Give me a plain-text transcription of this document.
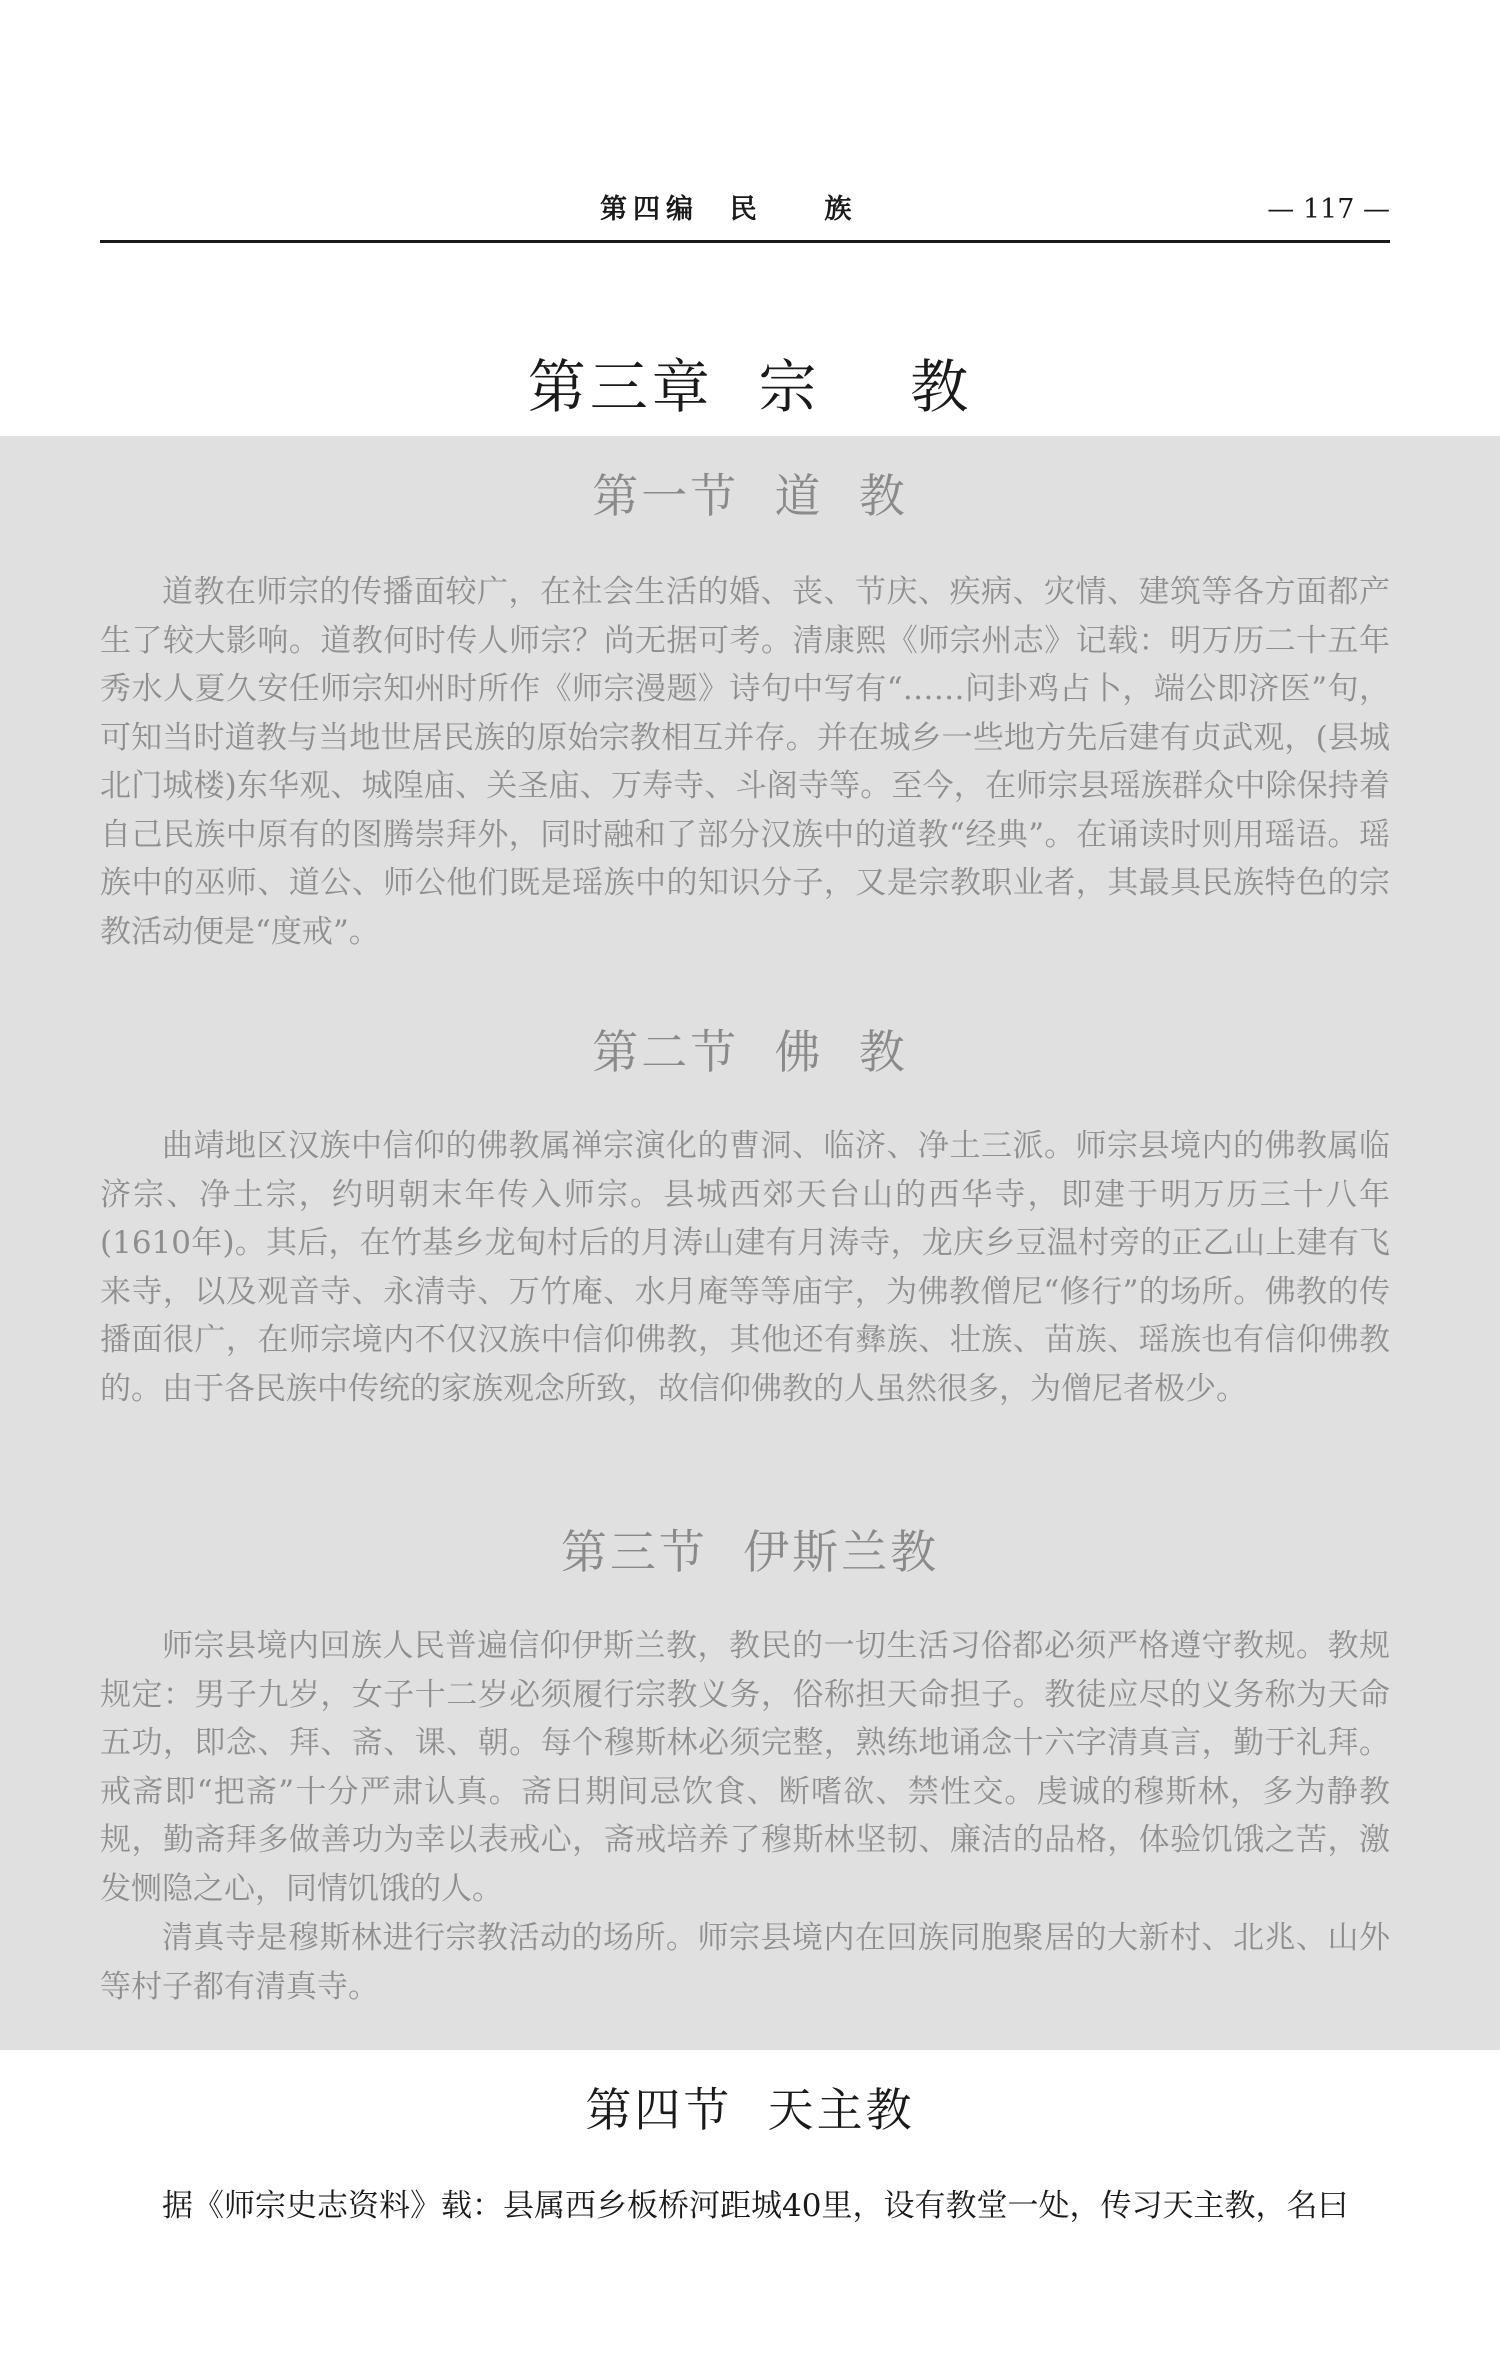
第四编  民    族	— 117 —
第三章  宗    教
第一节  道  教

道教在师宗的传播面较广，在社会生活的婚、丧、节庆、疾病、灾情、建筑等各方面都产生了较大影响。道教何时传人师宗？尚无据可考。清康熙《师宗州志》记载：明万历二十五年秀水人夏久安任师宗知州时所作《师宗漫题》诗句中写有“……问卦鸡占卜，端公即济医”句，可知当时道教与当地世居民族的原始宗教相互并存。并在城乡一些地方先后建有贞武观，(县城北门城楼)东华观、城隍庙、关圣庙、万寿寺、斗阁寺等。至今，在师宗县瑶族群众中除保持着自己民族中原有的图腾崇拜外，同时融和了部分汉族中的道教“经典”。在诵读时则用瑶语。瑶族中的巫师、道公、师公他们既是瑶族中的知识分子，又是宗教职业者，其最具民族特色的宗教活动便是“度戒”。

第二节  佛  教

曲靖地区汉族中信仰的佛教属禅宗演化的曹洞、临济、净土三派。师宗县境内的佛教属临济宗、净土宗，约明朝末年传入师宗。县城西郊天台山的西华寺，即建于明万历三十八年(1610年)。其后，在竹基乡龙甸村后的月涛山建有月涛寺，龙庆乡豆温村旁的正乙山上建有飞来寺，以及观音寺、永清寺、万竹庵、水月庵等等庙宇，为佛教僧尼“修行”的场所。佛教的传播面很广，在师宗境内不仅汉族中信仰佛教，其他还有彝族、壮族、苗族、瑶族也有信仰佛教的。由于各民族中传统的家族观念所致，故信仰佛教的人虽然很多，为僧尼者极少。

第三节  伊斯兰教

师宗县境内回族人民普遍信仰伊斯兰教，教民的一切生活习俗都必须严格遵守教规。教规规定：男子九岁，女子十二岁必须履行宗教义务，俗称担天命担子。教徒应尽的义务称为天命五功，即念、拜、斋、课、朝。每个穆斯林必须完整，熟练地诵念十六字清真言，勤于礼拜。戒斋即“把斋”十分严肃认真。斋日期间忌饮食、断嗜欲、禁性交。虔诚的穆斯林，多为静教规，勤斋拜多做善功为幸以表戒心，斋戒培养了穆斯林坚韧、廉洁的品格，体验饥饿之苦，激发恻隐之心，同情饥饿的人。

清真寺是穆斯林进行宗教活动的场所。师宗县境内在回族同胞聚居的大新村、北兆、山外等村子都有清真寺。

第四节  天主教

据《师宗史志资料》载：县属西乡板桥河距城40里，设有教堂一处，传习天主教，名曰
